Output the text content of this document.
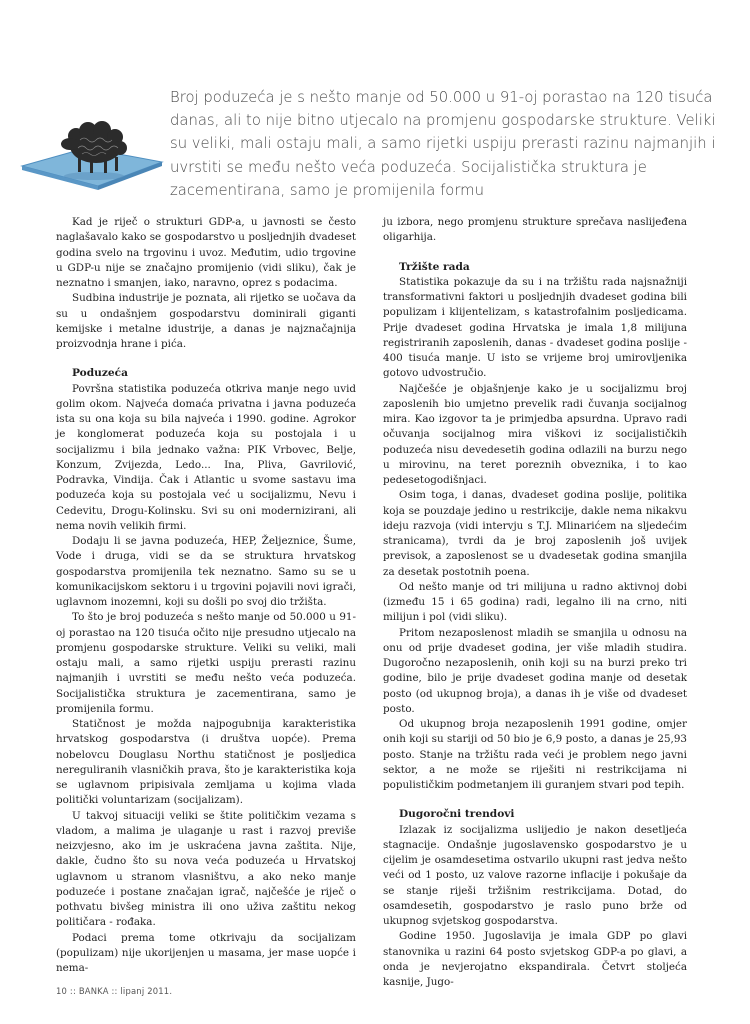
Broj poduzeća je s nešto manje od 50.000 u 91-oj porastao na 120 tisuća danas, ali to nije bitno utjecalo na promjenu gospodarske strukture. Veliki su veliki, mali ostaju mali, a samo rijetki uspiju prerasti razinu najmanjih i uvrstiti se među nešto veća poduzeća. Socijalistička struktura je zacementirana, samo je promijenila formu

Kad je riječ o strukturi GDP-a, u javnosti se često naglašavalo kako se gospodarstvo u posljednjih dvadeset godina svelo na trgovinu i uvoz. Međutim, udio trgovine u GDP-u nije se značajno promijenio (vidi sliku), čak je neznatno i smanjen, iako, naravno, oprez s podacima.

Sudbina industrije je poznata, ali rijetko se uočava da su u ondašnjem gospodarstvu dominirali giganti kemijske i metalne idustrije, a danas je najznačajnija proizvodnja hrane i pića.

Poduzeća

Površna statistika poduzeća otkriva manje nego uvid golim okom. Najveća domaća privatna i javna poduzeća ista su ona koja su bila najveća i 1990. godine. Agrokor je konglomerat poduzeća koja su postojala i u socijalizmu i bila jednako važna: PIK Vrbovec, Belje, Konzum, Zvijezda, Ledo... Ina, Pliva, Gavrilović, Podravka, Vindija. Čak i Atlantic u svome sastavu ima poduzeća koja su postojala već u socijalizmu, Nevu i Cedevitu, Drogu-Kolinsku. Svi su oni modernizirani, ali nema novih velikih firmi.

Dodaju li se javna poduzeća, HEP, Željeznice, Šume, Vode i druga, vidi se da se struktura hrvatskog gospodarstva promijenila tek neznatno. Samo su se u komunikacijskom sektoru i u trgovini pojavili novi igrači, uglavnom inozemni, koji su došli po svoj dio tržišta.

To što je broj poduzeća s nešto manje od 50.000 u 91-oj porastao na 120 tisuća očito nije presudno utjecalo na promjenu gospodarske strukture. Veliki su veliki, mali ostaju mali, a samo rijetki uspiju prerasti razinu najmanjih i uvrstiti se među nešto veća poduzeća. Socijalistička struktura je zacementirana, samo je promijenila formu.

Statičnost je možda najpogubnija karakteristika hrvatskog gospodarstva (i društva uopće). Prema nobelovcu Douglasu Northu statičnost je posljedica nereguliranih vlasničkih prava, što je karakteristika koja se uglavnom pripisivala zemljama u kojima vlada politički voluntarizam (socijalizam).

U takvoj situaciji veliki se štite političkim vezama s vladom, a malima je ulaganje u rast i razvoj previše neizvjesno, ako im je uskraćena javna zaštita. Nije, dakle, čudno što su nova veća poduzeća u Hrvatskoj uglavnom u stranom vlasništvu, a ako neko manje poduzeće i postane značajan igrač, najčešće je riječ o pothvatu bivšeg ministra ili ono uživa zaštitu nekog političara - rođaka.

Podaci prema tome otkrivaju da socijalizam (populizam) nije ukorijenjen u masama, jer mase uopće i nema-

ju izbora, nego promjenu strukture sprečava naslijeđena oligarhija.

Tržište rada

Statistika pokazuje da su i na tržištu rada najsnažniji transformativni faktori u posljednjih dvadeset godina bili populizam i klijentelizam, s katastrofalnim posljedicama. Prije dvadeset godina Hrvatska je imala 1,8 milijuna registriranih zaposlenih, danas - dvadeset godina poslije - 400 tisuća manje. U isto se vrijeme broj umirovljenika gotovo udvostručio.

Najčešće je objašnjenje kako je u socijalizmu broj zaposlenih bio umjetno prevelik radi čuvanja socijalnog mira. Kao izgovor ta je primjedba apsurdna. Upravo radi očuvanja socijalnog mira viškovi iz socijalističkih poduzeća nisu devedesetih godina odlazili na burzu nego u mirovinu, na teret poreznih obveznika, i to kao pedesetogodišnjaci.

Osim toga, i danas, dvadeset godina poslije, politika koja se pouzdaje jedino u restrikcije, dakle nema nikakvu ideju razvoja (vidi intervju s T.J. Mlinarićem na sljedećim stranicama), tvrdi da je broj zaposlenih još uvijek previsok, a zaposlenost se u dvadesetak godina smanjila za desetak postotnih poena.

Od nešto manje od tri milijuna u radno aktivnoj dobi (između 15 i 65 godina) radi, legalno ili na crno, niti milijun i pol (vidi sliku).

Pritom nezaposlenost mladih se smanjila u odnosu na onu od prije dvadeset godina, jer više mladih studira. Dugoročno nezaposlenih, onih koji su na burzi preko tri godine, bilo je prije dvadeset godina manje od desetak posto (od ukupnog broja), a danas ih je više od dvadeset posto.

Od ukupnog broja nezaposlenih 1991 godine, omjer onih koji su stariji od 50 bio je 6,9 posto, a danas je 25,93 posto. Stanje na tržištu rada veći je problem nego javni sektor, a ne može se riješiti ni restrikcijama ni populističkim podmetanjem ili guranjem stvari pod tepih.

Dugoročni trendovi

Izlazak iz socijalizma uslijedio je nakon desetljeća stagnacije. Ondašnje jugoslavensko gospodarstvo je u cijelim je osamdesetima ostvarilo ukupni rast jedva nešto veći od 1 posto, uz valove razorne inflacije i pokušaje da se stanje riješi tržišnim restrikcijama. Dotad, do osamdesetih, gospodarstvo je raslo puno brže od ukupnog svjetskog gospodarstva.

Godine 1950. Jugoslavija je imala GDP po glavi stanovnika u razini 64 posto svjetskog GDP-a po glavi, a onda je nevjerojatno ekspandirala. Četvrt stoljeća kasnije, Jugo-

10 :: BANKA :: lipanj 2011.
